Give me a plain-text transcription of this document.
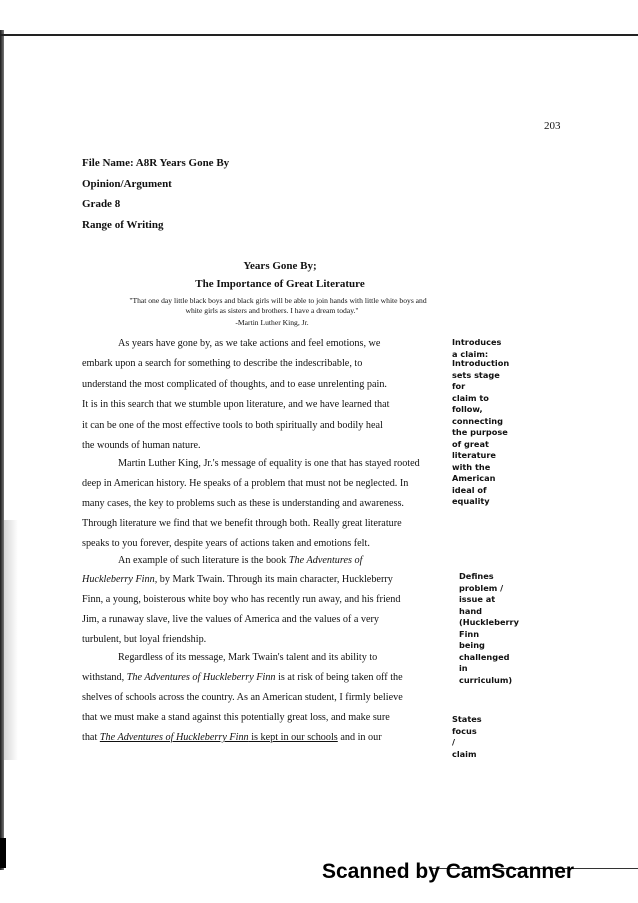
203
File Name: A8R Years Gone By
Opinion/Argument
Grade 8
Range of Writing
Years Gone By;
The Importance of Great Literature
"That one day little black boys and black girls will be able to join hands with little white boys and
white girls as sisters and brothers. I have a dream today."
-Martin Luther King, Jr.
As years have gone by, as we take actions and feel emotions, we
embark upon a search for something to describe the indescribable, to
understand the most complicated of thoughts, and to ease unrelenting pain.
It is in this search that we stumble upon literature, and we have learned that
it can be one of the most effective tools to both spiritually and bodily heal
the wounds of human nature.
Martin Luther King, Jr.'s message of equality is one that has stayed rooted
deep in American history. He speaks of a problem that must not be neglected. In
many cases, the key to problems such as these is understanding and awareness.
Through literature we find that we benefit through both. Really great literature
speaks to you forever, despite years of actions taken and emotions felt.
An example of such literature is the book The Adventures of
Huckleberry Finn, by Mark Twain. Through its main character, Huckleberry
Finn, a young, boisterous white boy who has recently run away, and his friend
Jim, a runaway slave, live the values of America and the values of a very
turbulent, but loyal friendship.
Regardless of its message, Mark Twain's talent and its ability to
withstand, The Adventures of Huckleberry Finn is at risk of being taken off the
shelves of schools across the country. As an American student, I firmly believe
that we must make a stand against this potentially great loss, and make sure
that The Adventures of Huckleberry Finn is kept in our schools and in our
Introduces a claim:
Introduction sets stage for
claim to follow, connecting
the purpose of great
literature with the American
ideal of equality
Defines problem / issue at
hand (Huckleberry Finn
being challenged in
curriculum)
States focus / claim
Scanned by CamScanner
